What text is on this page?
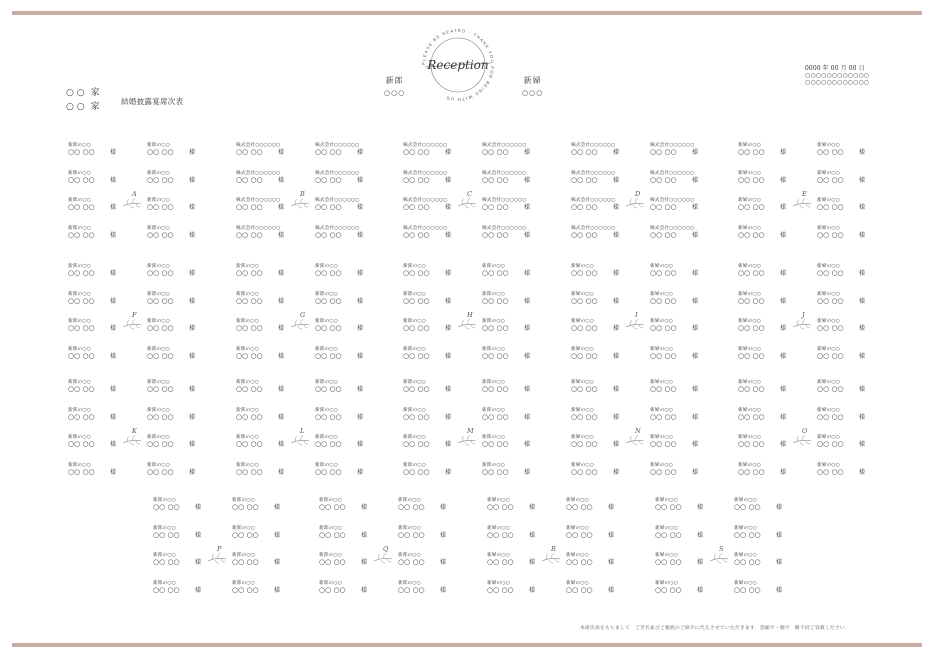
○ ○ 家
○ ○ 家
結婚披露宴席次表
PLEASE BE SEATED · THANK YOU FOR BEING WITH US
Reception
新郎
○○○
新婦
○○○
0000 年 00 月 00 日
○○○○○○○○○○○○
○○○○○○○○○○○○
新郎の○○
○○ ○○	様
新郎の○○
○○ ○○	様
新郎の○○
○○ ○○	様
新郎の○○
○○ ○○	様
新郎の○○
○○ ○○	様
新郎の○○
○○ ○○	様
新郎の○○
○○ ○○	様
新郎の○○
○○ ○○	様
A
株式会社○○○○○○
○○ ○○	様
株式会社○○○○○○
○○ ○○	様
株式会社○○○○○○
○○ ○○	様
株式会社○○○○○○
○○ ○○	様
株式会社○○○○○○
○○ ○○	様
株式会社○○○○○○
○○ ○○	様
株式会社○○○○○○
○○ ○○	様
株式会社○○○○○○
○○ ○○	様
B
株式会社○○○○○○
○○ ○○	様
株式会社○○○○○○
○○ ○○	様
株式会社○○○○○○
○○ ○○	様
株式会社○○○○○○
○○ ○○	様
株式会社○○○○○○
○○ ○○	様
株式会社○○○○○○
○○ ○○	様
株式会社○○○○○○
○○ ○○	様
株式会社○○○○○○
○○ ○○	様
C
株式会社○○○○○○
○○ ○○	様
株式会社○○○○○○
○○ ○○	様
株式会社○○○○○○
○○ ○○	様
株式会社○○○○○○
○○ ○○	様
株式会社○○○○○○
○○ ○○	様
株式会社○○○○○○
○○ ○○	様
株式会社○○○○○○
○○ ○○	様
株式会社○○○○○○
○○ ○○	様
D
新婦の○○
○○ ○○	様
新婦の○○
○○ ○○	様
新婦の○○
○○ ○○	様
新婦の○○
○○ ○○	様
新婦の○○
○○ ○○	様
新婦の○○
○○ ○○	様
新婦の○○
○○ ○○	様
新婦の○○
○○ ○○	様
E
新郎の○○
○○ ○○	様
新郎の○○
○○ ○○	様
新郎の○○
○○ ○○	様
新郎の○○
○○ ○○	様
新郎の○○
○○ ○○	様
新郎の○○
○○ ○○	様
新郎の○○
○○ ○○	様
新郎の○○
○○ ○○	様
F
新郎の○○
○○ ○○	様
新郎の○○
○○ ○○	様
新郎の○○
○○ ○○	様
新郎の○○
○○ ○○	様
新郎の○○
○○ ○○	様
新郎の○○
○○ ○○	様
新郎の○○
○○ ○○	様
新郎の○○
○○ ○○	様
G
新郎の○○
○○ ○○	様
新郎の○○
○○ ○○	様
新郎の○○
○○ ○○	様
新郎の○○
○○ ○○	様
新郎の○○
○○ ○○	様
新郎の○○
○○ ○○	様
新郎の○○
○○ ○○	様
新郎の○○
○○ ○○	様
H
新婦の○○
○○ ○○	様
新婦の○○
○○ ○○	様
新婦の○○
○○ ○○	様
新婦の○○
○○ ○○	様
新婦の○○
○○ ○○	様
新婦の○○
○○ ○○	様
新婦の○○
○○ ○○	様
新婦の○○
○○ ○○	様
I
新婦の○○
○○ ○○	様
新婦の○○
○○ ○○	様
新婦の○○
○○ ○○	様
新婦の○○
○○ ○○	様
新婦の○○
○○ ○○	様
新婦の○○
○○ ○○	様
新婦の○○
○○ ○○	様
新婦の○○
○○ ○○	様
J
新郎の○○
○○ ○○	様
新郎の○○
○○ ○○	様
新郎の○○
○○ ○○	様
新郎の○○
○○ ○○	様
新郎の○○
○○ ○○	様
新郎の○○
○○ ○○	様
新郎の○○
○○ ○○	様
新郎の○○
○○ ○○	様
K
新郎の○○
○○ ○○	様
新郎の○○
○○ ○○	様
新郎の○○
○○ ○○	様
新郎の○○
○○ ○○	様
新郎の○○
○○ ○○	様
新郎の○○
○○ ○○	様
新郎の○○
○○ ○○	様
新郎の○○
○○ ○○	様
L
新郎の○○
○○ ○○	様
新郎の○○
○○ ○○	様
新郎の○○
○○ ○○	様
新郎の○○
○○ ○○	様
新郎の○○
○○ ○○	様
新郎の○○
○○ ○○	様
新郎の○○
○○ ○○	様
新郎の○○
○○ ○○	様
M
新婦の○○
○○ ○○	様
新婦の○○
○○ ○○	様
新婦の○○
○○ ○○	様
新婦の○○
○○ ○○	様
新婦の○○
○○ ○○	様
新婦の○○
○○ ○○	様
新婦の○○
○○ ○○	様
新婦の○○
○○ ○○	様
N
新婦の○○
○○ ○○	様
新婦の○○
○○ ○○	様
新婦の○○
○○ ○○	様
新婦の○○
○○ ○○	様
新婦の○○
○○ ○○	様
新婦の○○
○○ ○○	様
新婦の○○
○○ ○○	様
新婦の○○
○○ ○○	様
O
新郎の○○
○○ ○○	様
新郎の○○
○○ ○○	様
新郎の○○
○○ ○○	様
新郎の○○
○○ ○○	様
新郎の○○
○○ ○○	様
新郎の○○
○○ ○○	様
新郎の○○
○○ ○○	様
新郎の○○
○○ ○○	様
P
新郎の○○
○○ ○○	様
新郎の○○
○○ ○○	様
新郎の○○
○○ ○○	様
新郎の○○
○○ ○○	様
新郎の○○
○○ ○○	様
新郎の○○
○○ ○○	様
新郎の○○
○○ ○○	様
新郎の○○
○○ ○○	様
Q
新婦の○○
○○ ○○	様
新婦の○○
○○ ○○	様
新婦の○○
○○ ○○	様
新婦の○○
○○ ○○	様
新婦の○○
○○ ○○	様
新婦の○○
○○ ○○	様
新婦の○○
○○ ○○	様
新婦の○○
○○ ○○	様
R
新婦の○○
○○ ○○	様
新婦の○○
○○ ○○	様
新婦の○○
○○ ○○	様
新婦の○○
○○ ○○	様
新婦の○○
○○ ○○	様
新婦の○○
○○ ○○	様
新婦の○○
○○ ○○	様
新婦の○○
○○ ○○	様
S
本席次表をもちまして　ご芳名並びご親族のご紹介に代えさせていただきます　恐縮字・脱字　略不同ご容赦ください
